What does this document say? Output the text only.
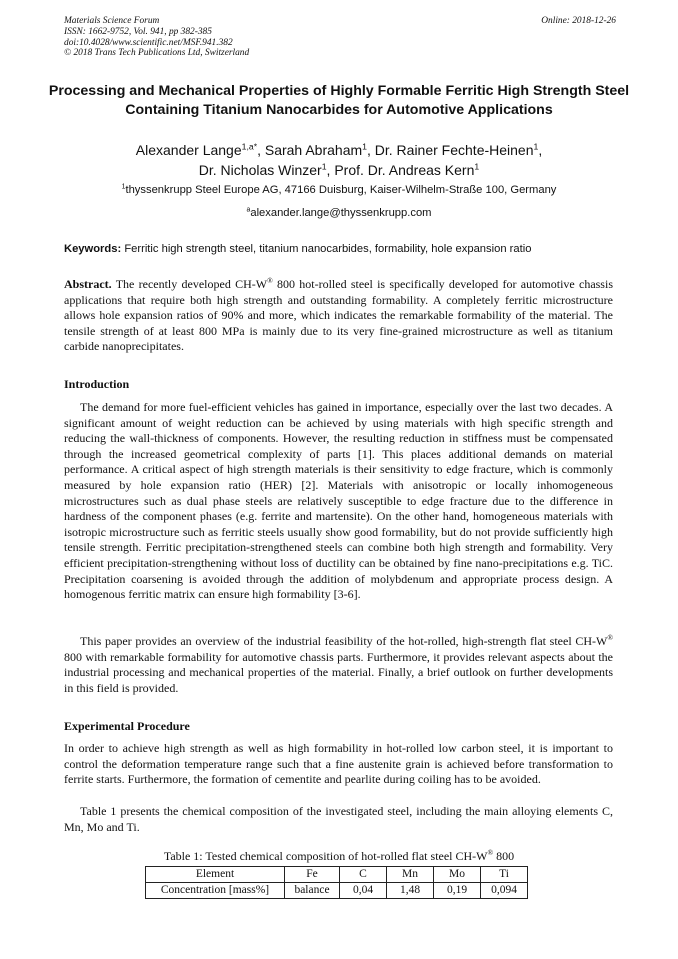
Materials Science Forum
ISSN: 1662-9752, Vol. 941, pp 382-385
doi:10.4028/www.scientific.net/MSF.941.382
© 2018 Trans Tech Publications Ltd, Switzerland
Online: 2018-12-26
Processing and Mechanical Properties of Highly Formable Ferritic High Strength Steel Containing Titanium Nanocarbides for Automotive Applications
Alexander Lange$^{1,a*}$, Sarah Abraham$^1$, Dr. Rainer Fechte-Heinen$^1$,
Dr. Nicholas Winzer$^1$, Prof. Dr. Andreas Kern$^1$
$^1$thyssenkrupp Steel Europe AG, 47166 Duisburg, Kaiser-Wilhelm-Straße 100, Germany
$^a$alexander.lange@thyssenkrupp.com
Keywords: Ferritic high strength steel, titanium nanocarbides, formability, hole expansion ratio
Abstract. The recently developed CH-W® 800 hot-rolled steel is specifically developed for automotive chassis applications that require both high strength and outstanding formability. A completely ferritic microstructure allows hole expansion ratios of 90% and more, which indicates the remarkable formability of the material. The tensile strength of at least 800 MPa is mainly due to its very fine-grained microstructure as well as titanium carbide nanoprecipitates.
Introduction
The demand for more fuel-efficient vehicles has gained in importance, especially over the last two decades. A significant amount of weight reduction can be achieved by using materials with high specific strength and reducing the wall-thickness of components. However, the resulting reduction in stiffness must be compensated through the increased geometrical complexity of parts [1]. This places additional demands on material performance. A critical aspect of high strength materials is their sensitivity to edge fracture, which is commonly measured by hole expansion ratio (HER) [2]. Materials with anisotropic or locally inhomogeneous microstructures such as dual phase steels are relatively susceptible to edge fracture due to the difference in hardness of the component phases (e.g. ferrite and martensite). On the other hand, homogeneous materials with isotropic microstructure such as ferritic steels usually show good formability, but do not provide sufficiently high tensile strength. Ferritic precipitation-strengthened steels can combine both high strength and formability. Very efficient precipitation-strengthening without loss of ductility can be obtained by fine nano-precipitations e.g. TiC. Precipitation coarsening is avoided through the addition of molybdenum and appropriate process design. A homogenous ferritic matrix can ensure high formability [3-6].
This paper provides an overview of the industrial feasibility of the hot-rolled, high-strength flat steel CH-W® 800 with remarkable formability for automotive chassis parts. Furthermore, it provides relevant aspects about the industrial processing and mechanical properties of the material. Finally, a brief outlook on further developments in this field is provided.
Experimental Procedure
In order to achieve high strength as well as high formability in hot-rolled low carbon steel, it is important to control the deformation temperature range such that a fine austenite grain is achieved before transformation to ferrite starts. Furthermore, the formation of cementite and pearlite during coiling has to be avoided.
Table 1 presents the chemical composition of the investigated steel, including the main alloying elements C, Mn, Mo and Ti.
Table 1: Tested chemical composition of hot-rolled flat steel CH-W® 800
Element	Fe	C	Mn	Mo	Ti
Concentration [mass%]	balance	0,04	1,48	0,19	0,094
